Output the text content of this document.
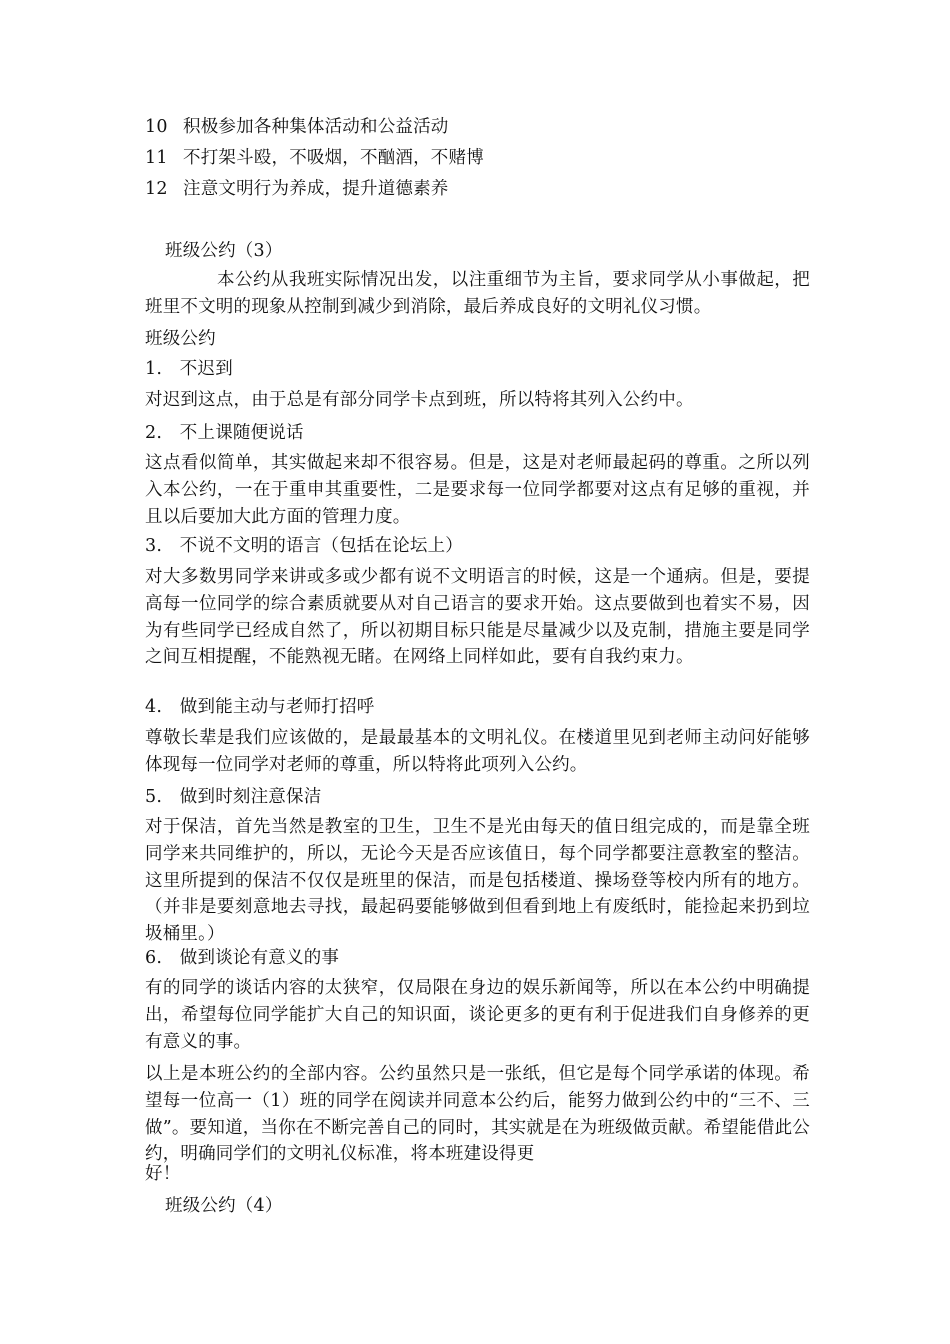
10 积极参加各种集体活动和公益活动
11 不打架斗殴，不吸烟，不酗酒，不赌博
12 注意文明行为养成，提升道德素养
班级公约（3）

本公约从我班实际情况出发，以注重细节为主旨，要求同学从小事做起，把班里不文明的现象从控制到减少到消除，最后养成良好的文明礼仪习惯。

班级公约
1.　不迟到

对迟到这点，由于总是有部分同学卡点到班，所以特将其列入公约中。

2.　不上课随便说话

这点看似简单，其实做起来却不很容易。但是，这是对老师最起码的尊重。之所以列入本公约，一在于重申其重要性，二是要求每一位同学都要对这点有足够的重视，并且以后要加大此方面的管理力度。

3.　不说不文明的语言（包括在论坛上）

对大多数男同学来讲或多或少都有说不文明语言的时候，这是一个通病。但是，要提高每一位同学的综合素质就要从对自己语言的要求开始。这点要做到也着实不易，因为有些同学已经成自然了，所以初期目标只能是尽量减少以及克制，措施主要是同学之间互相提醒，不能熟视无睹。在网络上同样如此，要有自我约束力。

4.　做到能主动与老师打招呼

尊敬长辈是我们应该做的，是最最基本的文明礼仪。在楼道里见到老师主动问好能够体现每一位同学对老师的尊重，所以特将此项列入公约。

5.　做到时刻注意保洁

对于保洁，首先当然是教室的卫生，卫生不是光由每天的值日组完成的，而是靠全班同学来共同维护的，所以，无论今天是否应该值日，每个同学都要注意教室的整洁。这里所提到的保洁不仅仅是班里的保洁，而是包括楼道、操场登等校内所有的地方。（并非是要刻意地去寻找，最起码要能够做到但看到地上有废纸时，能捡起来扔到垃圾桶里。）

6.　做到谈论有意义的事

有的同学的谈话内容的太狭窄，仅局限在身边的娱乐新闻等，所以在本公约中明确提出，希望每位同学能扩大自己的知识面，谈论更多的更有利于促进我们自身修养的更有意义的事。

以上是本班公约的全部内容。公约虽然只是一张纸，但它是每个同学承诺的体现。希望每一位高一（1）班的同学在阅读并同意本公约后，能努力做到公约中的“三不、三做”。要知道，当你在不断完善自己的同时，其实就是在为班级做贡献。希望能借此公约，明确同学们的文明礼仪标准，将本班建设得更

好！
班级公约（4）
